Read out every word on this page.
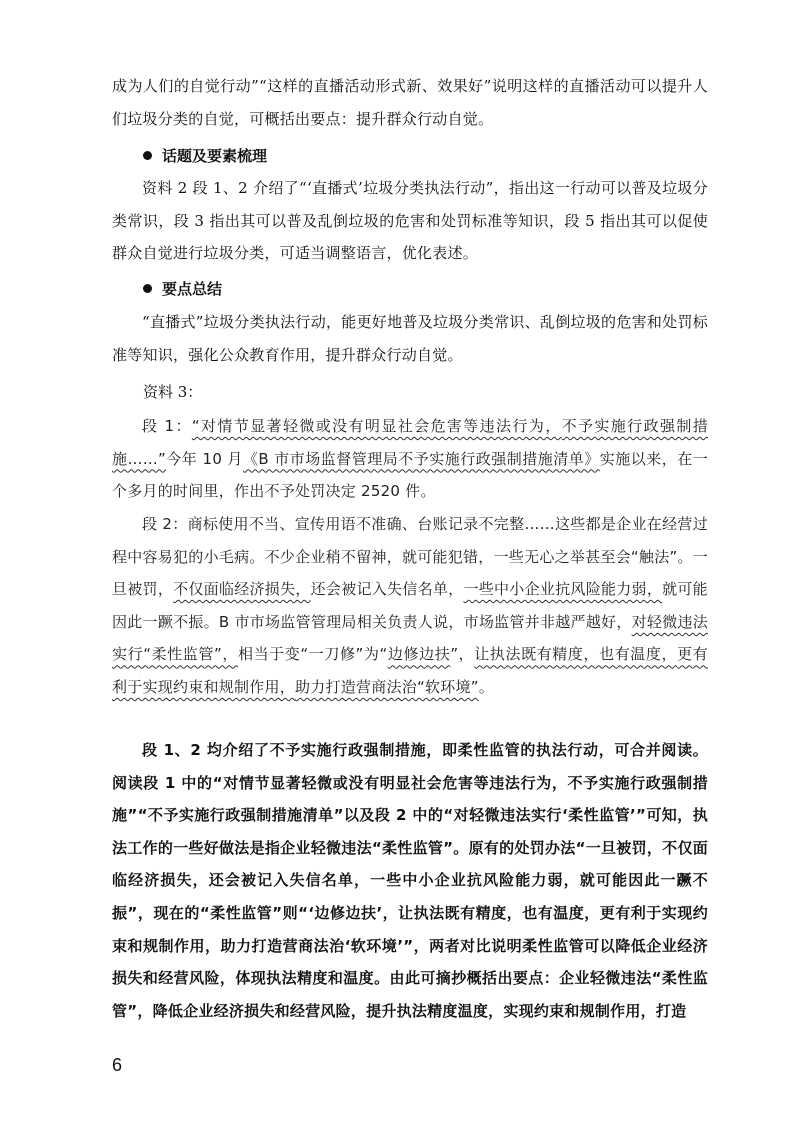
成为人们的自觉行动”“这样的直播活动形式新、效果好”说明这样的直播活动可以提升人们垃圾分类的自觉，可概括出要点：提升群众行动自觉。

话题及要素梳理

资料 2 段 1、2 介绍了“‘直播式’垃圾分类执法行动”，指出这一行动可以普及垃圾分类常识，段 3 指出其可以普及乱倒垃圾的危害和处罚标准等知识，段 5 指出其可以促使群众自觉进行垃圾分类，可适当调整语言，优化表述。

要点总结

“直播式”垃圾分类执法行动，能更好地普及垃圾分类常识、乱倒垃圾的危害和处罚标准等知识，强化公众教育作用，提升群众行动自觉。

资料 3：

段 1：“对情节显著轻微或没有明显社会危害等违法行为，不予实施行政强制措施……”今年 10 月《B 市市场监督管理局不予实施行政强制措施清单》实施以来，在一个多月的时间里，作出不予处罚决定 2520 件。

段 2：商标使用不当、宣传用语不准确、台账记录不完整……这些都是企业在经营过程中容易犯的小毛病。不少企业稍不留神，就可能犯错，一些无心之举甚至会“触法”。一旦被罚，不仅面临经济损失，还会被记入失信名单，一些中小企业抗风险能力弱，就可能因此一蹶不振。B 市市场监管管理局相关负责人说，市场监管并非越严越好，对轻微违法实行“柔性监管”，相当于变“一刀修”为“边修边扶”，让执法既有精度，也有温度，更有利于实现约束和规制作用，助力打造营商法治“软环境”。

段 1、2 均介绍了不予实施行政强制措施，即柔性监管的执法行动，可合并阅读。阅读段 1 中的“对情节显著轻微或没有明显社会危害等违法行为，不予实施行政强制措施”“不予实施行政强制措施清单”以及段 2 中的“对轻微违法实行‘柔性监管’”可知，执法工作的一些好做法是指企业轻微违法“柔性监管”。原有的处罚办法“一旦被罚，不仅面临经济损失，还会被记入失信名单，一些中小企业抗风险能力弱，就可能因此一蹶不振”，现在的“柔性监管”则“‘边修边扶’，让执法既有精度，也有温度，更有利于实现约束和规制作用，助力打造营商法治‘软环境’”，两者对比说明柔性监管可以降低企业经济损失和经营风险，体现执法精度和温度。由此可摘抄概括出要点：企业轻微违法“柔性监管”，降低企业经济损失和经营风险，提升执法精度温度，实现约束和规制作用，打造

6
